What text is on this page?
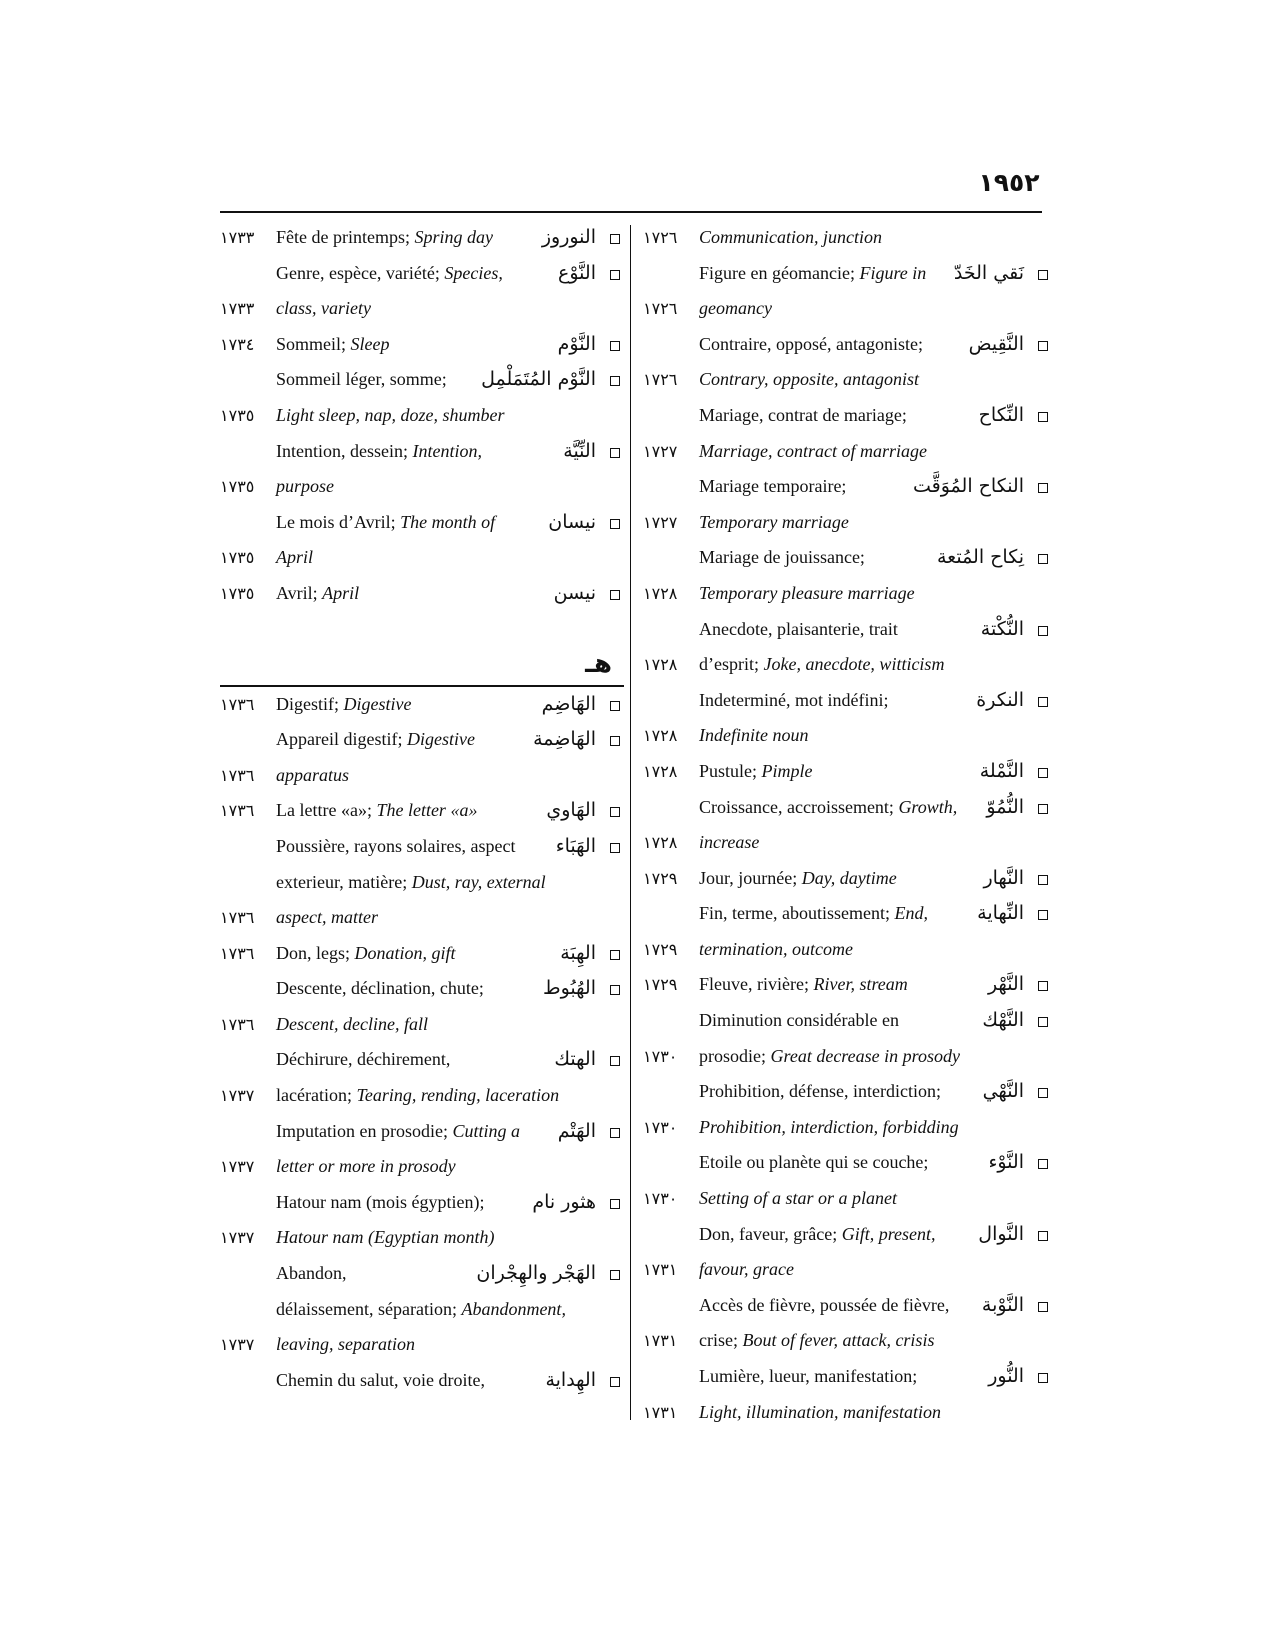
١٩٥٢
١٧٣٣	Fête de printemps; Spring day	النوروز
Genre, espèce, variété; Species,	النَّوْع
١٧٣٣	class, variety
١٧٣٤	Sommeil; Sleep	النَّوْم
Sommeil léger, somme; النَّوْم المُتَمَلْمِل
١٧٣٥	Light sleep, nap, doze, shumber
Intention, dessein; Intention,	النِّيَّة
١٧٣٥	purpose
Le mois d’Avril; The month of	نيسان
١٧٣٥	April
١٧٣٥	Avril; April	نيسن
هـ
١٧٣٦	Digestif; Digestive	الهَاضِم
Appareil digestif; Digestive	الهَاضِمة
١٧٣٦	apparatus
١٧٣٦	La lettre «a»; The letter «a»	الهَاوي
Poussière, rayons solaires, aspect الهَبَاء
exterieur, matière; Dust, ray, external
١٧٣٦	aspect, matter
١٧٣٦	Don, legs; Donation, gift	الهِبَة
Descente, déclination, chute;	الهُبُوط
١٧٣٦	Descent, decline, fall
Déchirure, déchirement,	الهتك
١٧٣٧	lacération; Tearing, rending, laceration
Imputation en prosodie; Cutting a الهَتْم
١٧٣٧	letter or more in prosody
Hatour nam (mois égyptien);	هثور نام
١٧٣٧	Hatour nam (Egyptian month)
Abandon,	الهَجْر والهِجْران
délaissement, séparation; Abandonment,
١٧٣٧	leaving, separation
Chemin du salut, voie droite,	الهِداية
١٧٢٦	Communication, junction
Figure en géomancie; Figure in نَقي الخَدّ
١٧٢٦	geomancy
Contraire, opposé, antagoniste; النَّقِيض
١٧٢٦	Contrary, opposite, antagonist
Mariage, contrat de mariage;	النِّكاح
١٧٢٧	Marriage, contract of marriage
Mariage temporaire;	النكاح المُوَقَّت
١٧٢٧	Temporary marriage
Mariage de jouissance;	نِكاح المُتعة
١٧٢٨	Temporary pleasure marriage
Anecdote, plaisanterie, trait	النُّكْتة
١٧٢٨	d’esprit; Joke, anecdote, witticism
Indeterminé, mot indéfini;	النكرة
١٧٢٨	Indefinite noun
١٧٢٨	Pustule; Pimple	النَّمْلة
Croissance, accroissement; Growth, النُّمُوّ
١٧٢٨	increase
١٧٢٩	Jour, journée; Day, daytime	النَّهار
Fin, terme, aboutissement; End,	النِّهاية
١٧٢٩	termination, outcome
١٧٢٩	Fleuve, rivière; River, stream	النَّهْر
Diminution considérable en	النَّهْك
١٧٣٠	prosodie; Great decrease in prosody
Prohibition, défense, interdiction; النَّهْي
١٧٣٠	Prohibition, interdiction, forbidding
Etoile ou planète qui se couche;	النَّوْء
١٧٣٠	Setting of a star or a planet
Don, faveur, grâce; Gift, present, النَّوال
١٧٣١	favour, grace
Accès de fièvre, poussée de fièvre, النَّوْبة
١٧٣١	crise; Bout of fever, attack, crisis
Lumière, lueur, manifestation;	النُّور
١٧٣١	Light, illumination, manifestation
